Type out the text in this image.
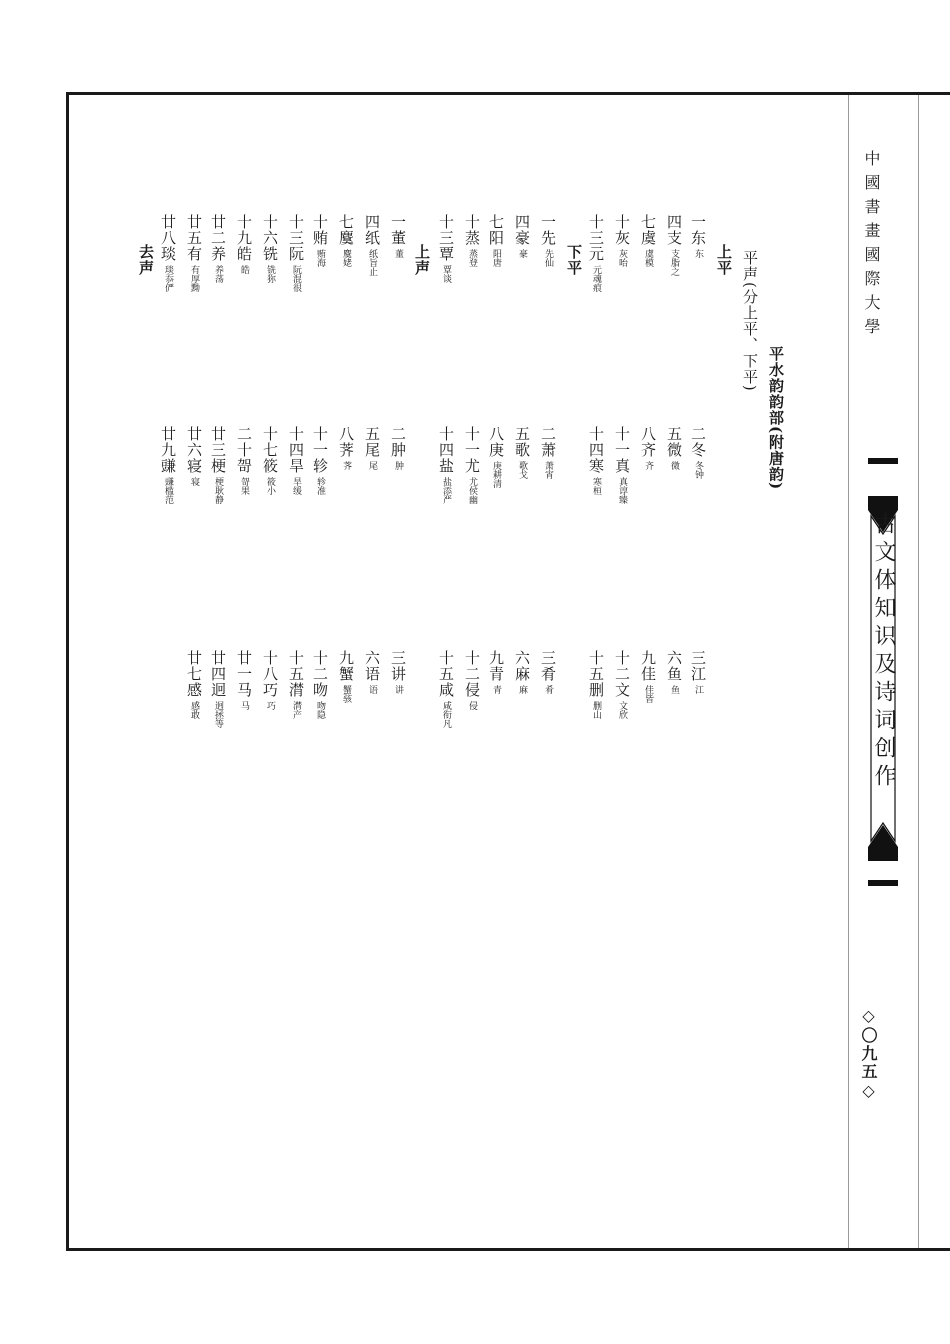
中國書畫國際大學
古文体知识及诗词创作
◇〇九五◇
平水韵韵部(附唐韵)
平声(分上平、下平)
上平
下平
上声
去声
一东东
四支支脂之
七虞虞模
十灰灰咍
十三元元魂痕
二冬冬钟
五微微
八齐齐
十一真真谆臻
十四寒寒桓
三江江
六鱼鱼
九佳佳皆
十二文文欣
十五删删山
一先先仙
四豪豪
七阳阳唐
十蒸蒸登
十三覃覃谈
二萧萧宵
五歌歌戈
八庚庚耕清
十一尤尤侯幽
十四盐盐添严
三肴肴
六麻麻
九青青
十二侵侵
十五咸咸衔凡
一董董
四纸纸旨止
七麌麌姥
十贿贿海
十三阮阮混很
十六铣铣狝
十九皓皓
廿二养养荡
廿五有有厚黝
廿八琰琰忝俨
二肿肿
五尾尾
八荠荠
十一轸轸准
十四旱旱缓
十七筱筱小
二十哿哿果
廿三梗梗耿静
廿六寝寝
廿九豏豏槛范
三讲讲
六语语
九蟹蟹骇
十二吻吻隐
十五潸潸产
十八巧巧
廿一马马
廿四迥迥拯等
廿七感感敢
